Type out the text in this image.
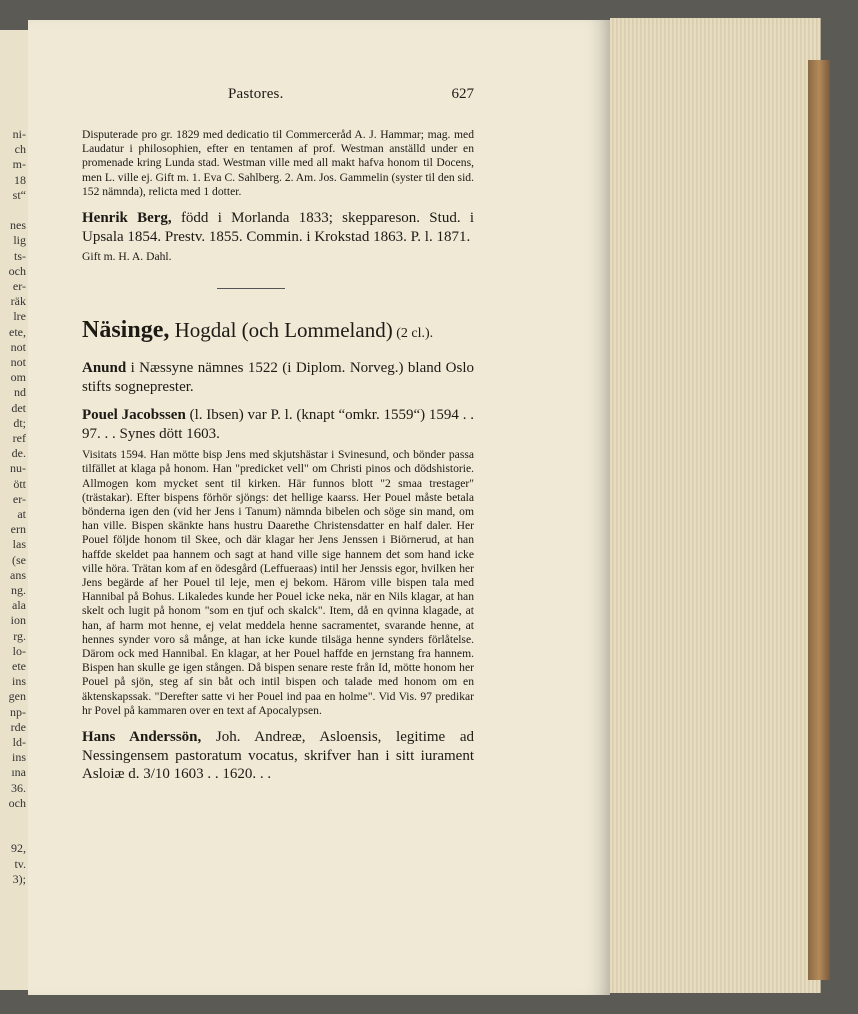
ni-
ch
m-
18
st“
nes
lig
ts-
och
er-
räk
lre
ete,
not
not
om
nd
det
dt;
ref
de.
nu-
ött
er-
at
ern
las
(se
ans
ng.
ala
ion
rg.
lo-
ete
ins
gen
np-
rde
ld-
ins
ına
36.
och
92,
tv.
3);
Pastores.	627

Disputerade pro gr. 1829 med dedicatio til Commerceråd A. J. Hammar; mag. med Laudatur i philosophien, efter en tentamen af prof. Westman anställd under en promenade kring Lunda stad. Westman ville med all makt hafva honom til Docens, men L. ville ej. Gift m. 1. Eva C. Sahlberg. 2. Am. Jos. Gammelin (syster til den sid. 152 nämnda), relicta med 1 dotter.

Henrik Berg, född i Morlanda 1833; skeppareson. Stud. i Upsala 1854. Prestv. 1855. Commin. i Krokstad 1863. P. l. 1871.

Gift m. H. A. Dahl.

Näsinge, Hogdal (och Lommeland) (2 cl.).

Anund i Næssyne nämnes 1522 (i Diplom. Norveg.) bland Oslo stifts sogneprester.

Pouel Jacobssen (l. Ibsen) var P. l. (knapt “omkr. 1559“) 1594 . . 97. . . Synes dött 1603.

Visitats 1594. Han mötte bisp Jens med skjutshästar i Svinesund, och bönder passa tilfället at klaga på honom. Han "predicket vell" om Christi pinos och dödshistorie. Allmogen kom mycket sent til kirken. Här funnos blott "2 smaa trestager" (trästakar). Efter bispens förhör sjöngs: det hellige kaarss. Her Pouel måste betala bönderna igen den (vid her Jens i Tanum) nämnda bibelen och söge sin mand, om han ville. Bispen skänkte hans hustru Daarethe Christensdatter en half daler. Her Pouel följde honom til Skee, och där klagar her Jens Jenssen i Biörnerud, at han haffde skeldet paa hannem och sagt at hand ville sige hannem det som hand icke ville höra. Trätan kom af en ödesgård (Leffueraas) intil her Jenssis egor, hvilken her Jens begärde af her Pouel til leje, men ej bekom. Härom ville bispen tala med Hannibal på Bohus. Likaledes kunde her Pouel icke neka, när en Nils klagar, at han skelt och lugit på honom "som en tjuf och skalck". Item, då en qvinna klagade, at han, af harm mot henne, ej velat meddela henne sacramentet, svarande henne, at hennes synder voro så månge, at han icke kunde tilsäga henne synders förlåtelse. Därom ock med Hannibal. En klagar, at her Pouel haffde en jernstang fra hannem. Bispen han skulle ge igen stången. Då bispen senare reste från Id, mötte honom her Pouel på sjön, steg af sin båt och intil bispen och talade med honom om en äktenskapssak. "Derefter satte vi her Pouel ind paa en holme". Vid Vis. 97 predikar hr Povel på kammaren over en text af Apocalypsen.

Hans Anderssön, Joh. Andreæ, Asloensis, legitime ad Nessingensem pastoratum vocatus, skrifver han i sitt iurament Asloiæ d. 3/10 1603 . . 1620. . .
